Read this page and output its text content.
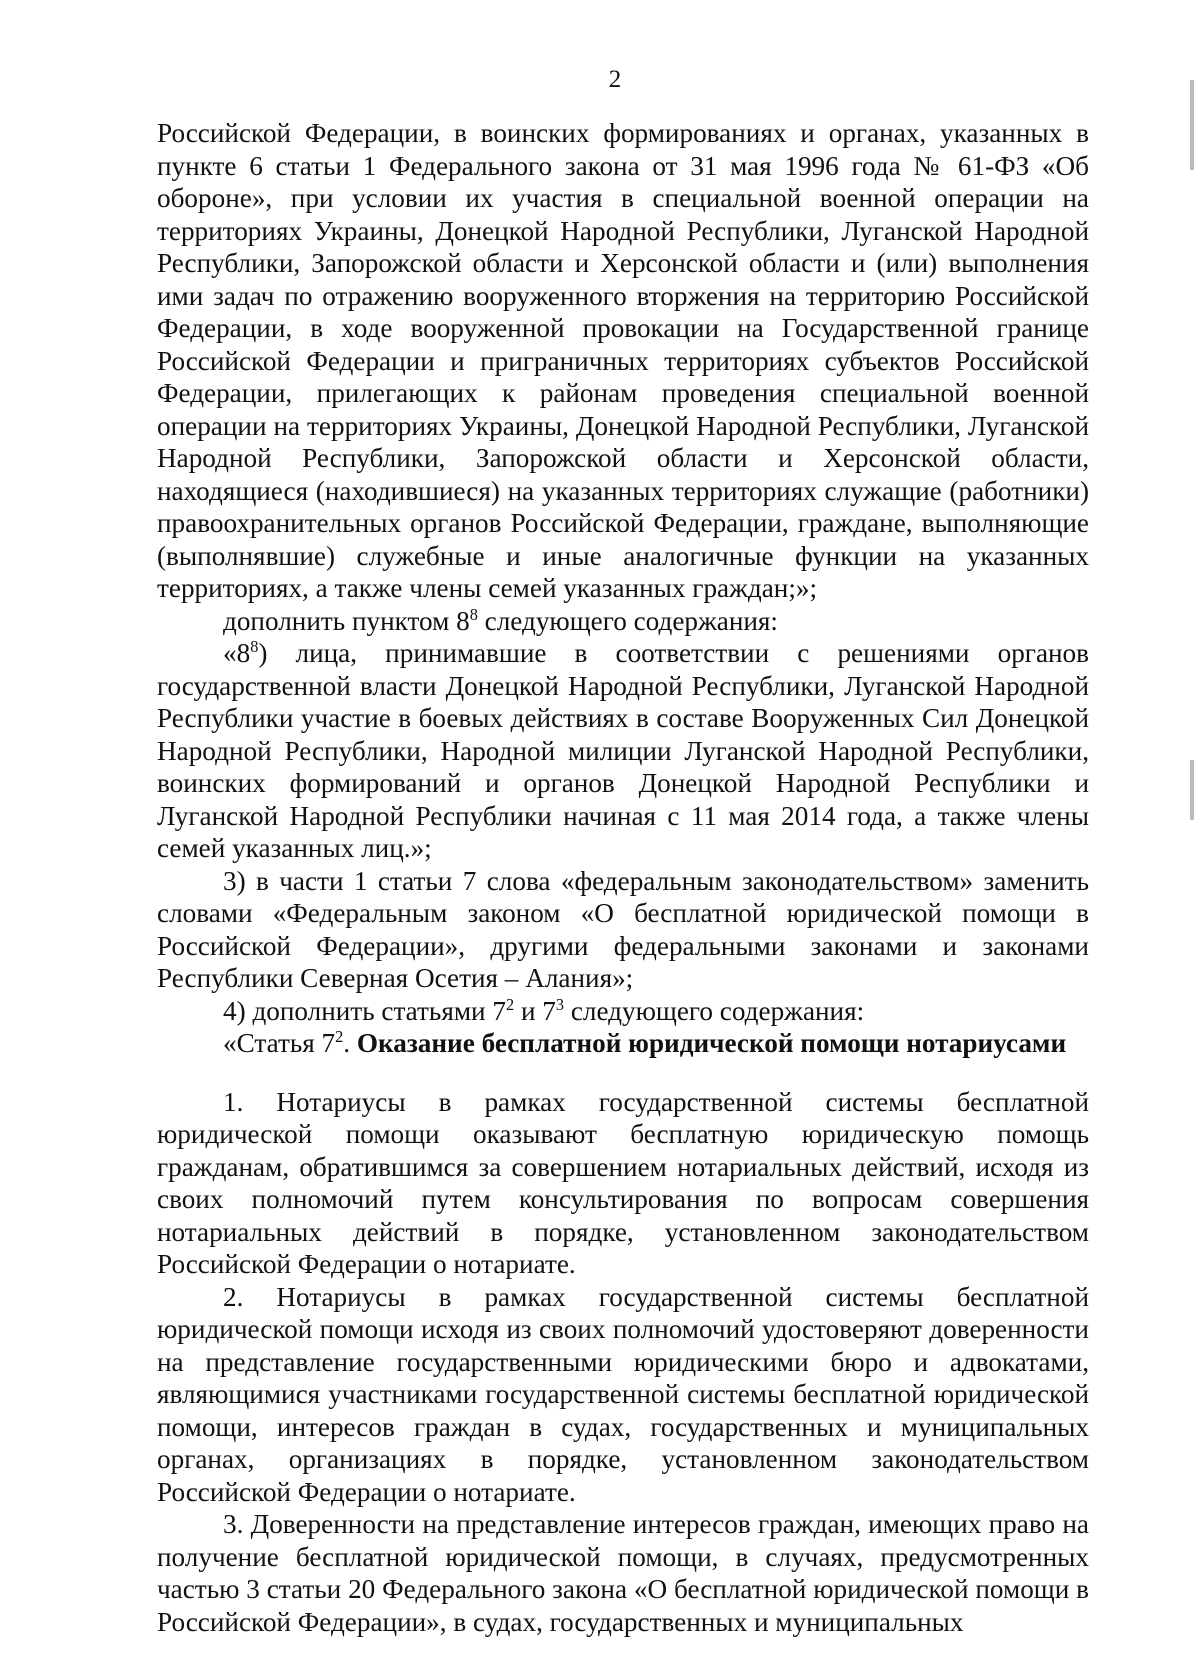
2

Российской Федерации, в воинских формированиях и органах, указанных в пункте 6 статьи 1 Федерального закона от 31 мая 1996 года № 61-ФЗ «Об обороне», при условии их участия в специальной военной операции на территориях Украины, Донецкой Народной Республики, Луганской Народной Республики, Запорожской области и Херсонской области и (или) выполнения ими задач по отражению вооруженного вторжения на территорию Российской Федерации, в ходе вооруженной провокации на Государственной границе Российской Федерации и приграничных территориях субъектов Российской Федерации, прилегающих к районам проведения специальной военной операции на территориях Украины, Донецкой Народной Республики, Луганской Народной Республики, Запорожской области и Херсонской области, находящиеся (находившиеся) на указанных территориях служащие (работники) правоохранительных органов Российской Федерации, граждане, выполняющие (выполнявшие) служебные и иные аналогичные функции на указанных территориях, а также члены семей указанных граждан;»;

дополнить пунктом $8^8$ следующего содержания:

«$8^8$) лица, принимавшие в соответствии с решениями органов государственной власти Донецкой Народной Республики, Луганской Народной Республики участие в боевых действиях в составе Вооруженных Сил Донецкой Народной Республики, Народной милиции Луганской Народной Республики, воинских формирований и органов Донецкой Народной Республики и Луганской Народной Республики начиная с 11 мая 2014 года, а также члены семей указанных лиц.»;

3) в части 1 статьи 7 слова «федеральным законодательством» заменить словами «Федеральным законом «О бесплатной юридической помощи в Российской Федерации», другими федеральными законами и законами Республики Северная Осетия – Алания»;

4) дополнить статьями $7^2$ и $7^3$ следующего содержания:

«Статья $7^2$. Оказание бесплатной юридической помощи нотариусами

1. Нотариусы в рамках государственной системы бесплатной юридической помощи оказывают бесплатную юридическую помощь гражданам, обратившимся за совершением нотариальных действий, исходя из своих полномочий путем консультирования по вопросам совершения нотариальных действий в порядке, установленном законодательством Российской Федерации о нотариате.

2. Нотариусы в рамках государственной системы бесплатной юридической помощи исходя из своих полномочий удостоверяют доверенности на представление государственными юридическими бюро и адвокатами, являющимися участниками государственной системы бесплатной юридической помощи, интересов граждан в судах, государственных и муниципальных органах, организациях в порядке, установленном законодательством Российской Федерации о нотариате.

3. Доверенности на представление интересов граждан, имеющих право на получение бесплатной юридической помощи, в случаях, предусмотренных частью 3 статьи 20 Федерального закона «О бесплатной юридической помощи в Российской Федерации», в судах, государственных и муниципальных
